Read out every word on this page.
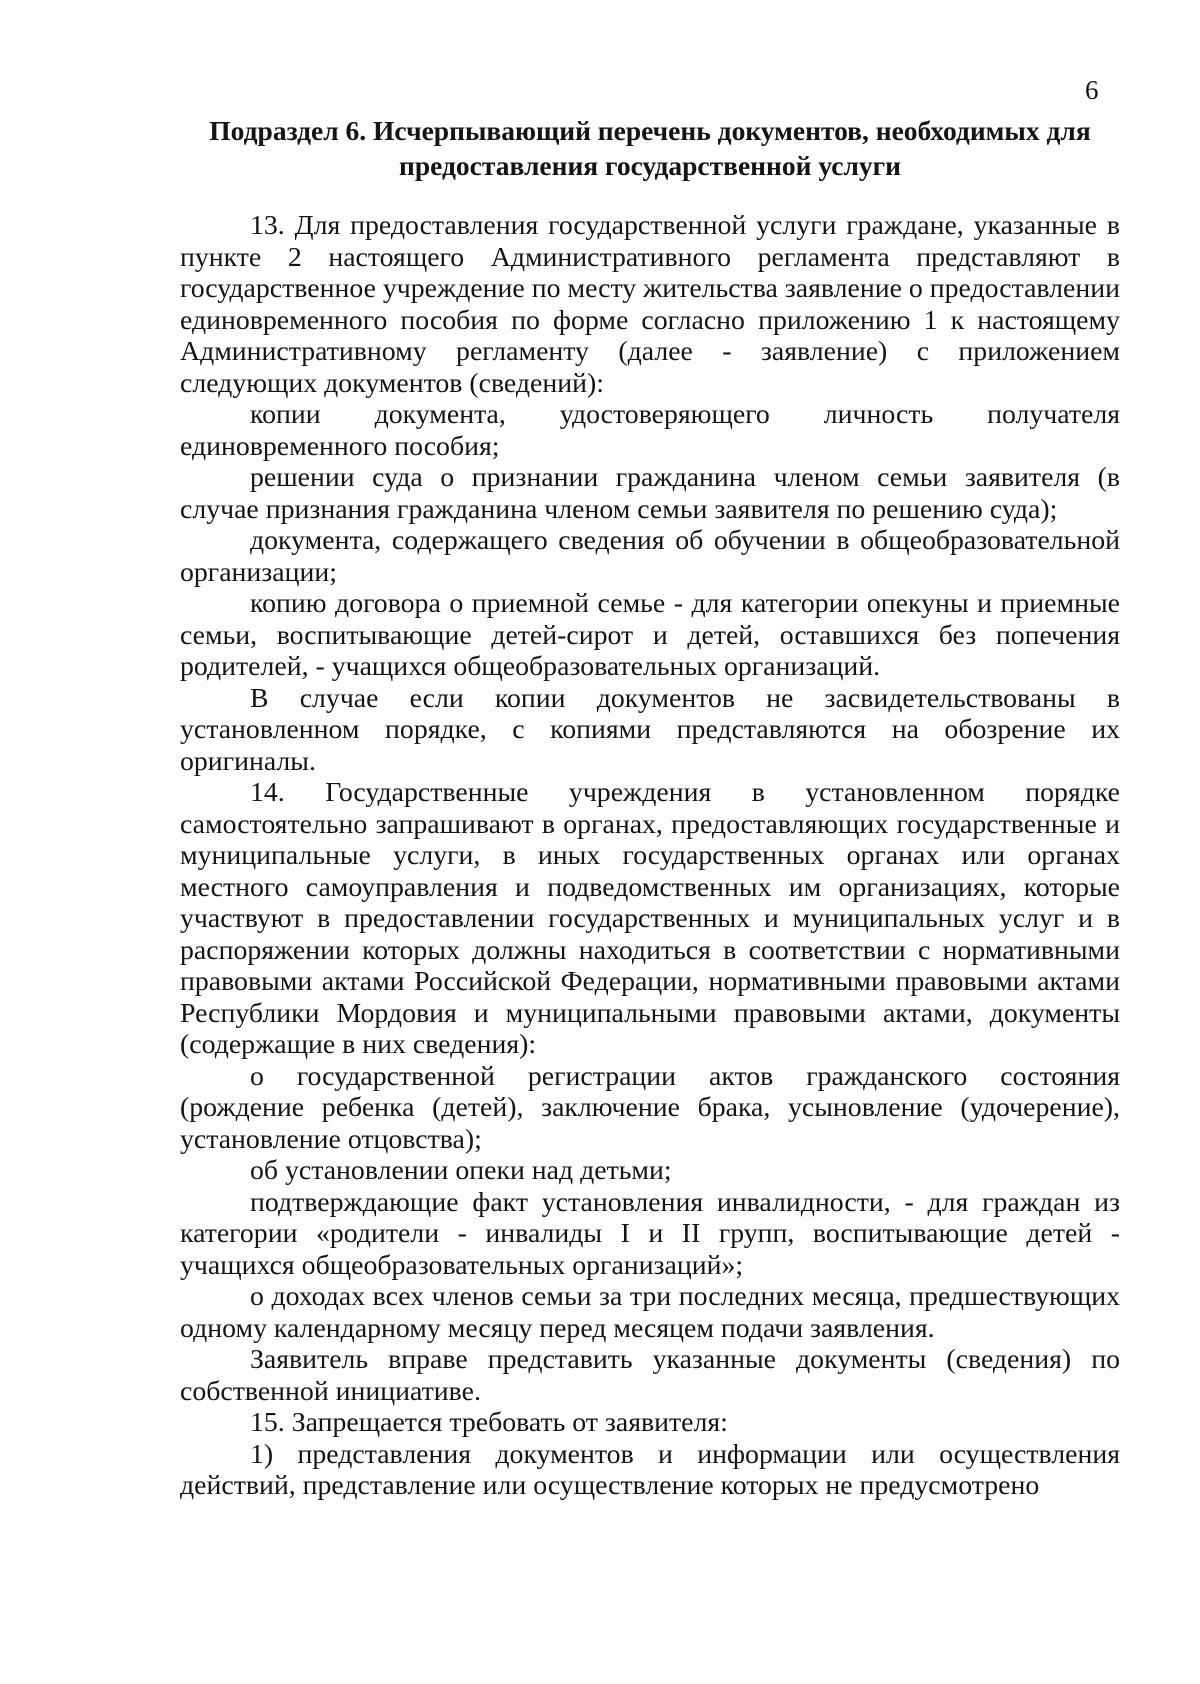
6
Подраздел 6. Исчерпывающий перечень документов, необходимых для
предоставления государственной услуги

13. Для предоставления государственной услуги граждане, указанные в пункте 2 настоящего Административного регламента представляют в государственное учреждение по месту жительства заявление о предоставлении единовременного пособия по форме согласно приложению 1 к настоящему Административному регламенту (далее - заявление) с приложением следующих документов (сведений):

копии документа, удостоверяющего личность получателя единовременного пособия;

решении суда о признании гражданина членом семьи заявителя (в случае признания гражданина членом семьи заявителя по решению суда);

документа, содержащего сведения об обучении в общеобразовательной организации;

копию договора о приемной семье - для категории опекуны и приемные семьи, воспитывающие детей-сирот и детей, оставшихся без попечения родителей, - учащихся общеобразовательных организаций.

В случае если копии документов не засвидетельствованы в установленном порядке, с копиями представляются на обозрение их оригиналы.

14. Государственные учреждения в установленном порядке самостоятельно запрашивают в органах, предоставляющих государственные и муниципальные услуги, в иных государственных органах или органах местного самоуправления и подведомственных им организациях, которые участвуют в предоставлении государственных и муниципальных услуг и в распоряжении которых должны находиться в соответствии с нормативными правовыми актами Российской Федерации, нормативными правовыми актами Республики Мордовия и муниципальными правовыми актами, документы (содержащие в них сведения):

о государственной регистрации актов гражданского состояния (рождение ребенка (детей), заключение брака, усыновление (удочерение), установление отцовства);

об установлении опеки над детьми;

подтверждающие факт установления инвалидности, - для граждан из категории «родители - инвалиды I и II групп, воспитывающие детей - учащихся общеобразовательных организаций»;

о доходах всех членов семьи за три последних месяца, предшествующих одному календарному месяцу перед месяцем подачи заявления.

Заявитель вправе представить указанные документы (сведения) по собственной инициативе.

15. Запрещается требовать от заявителя:

1) представления документов и информации или осуществления действий, представление или осуществление которых не предусмотрено
